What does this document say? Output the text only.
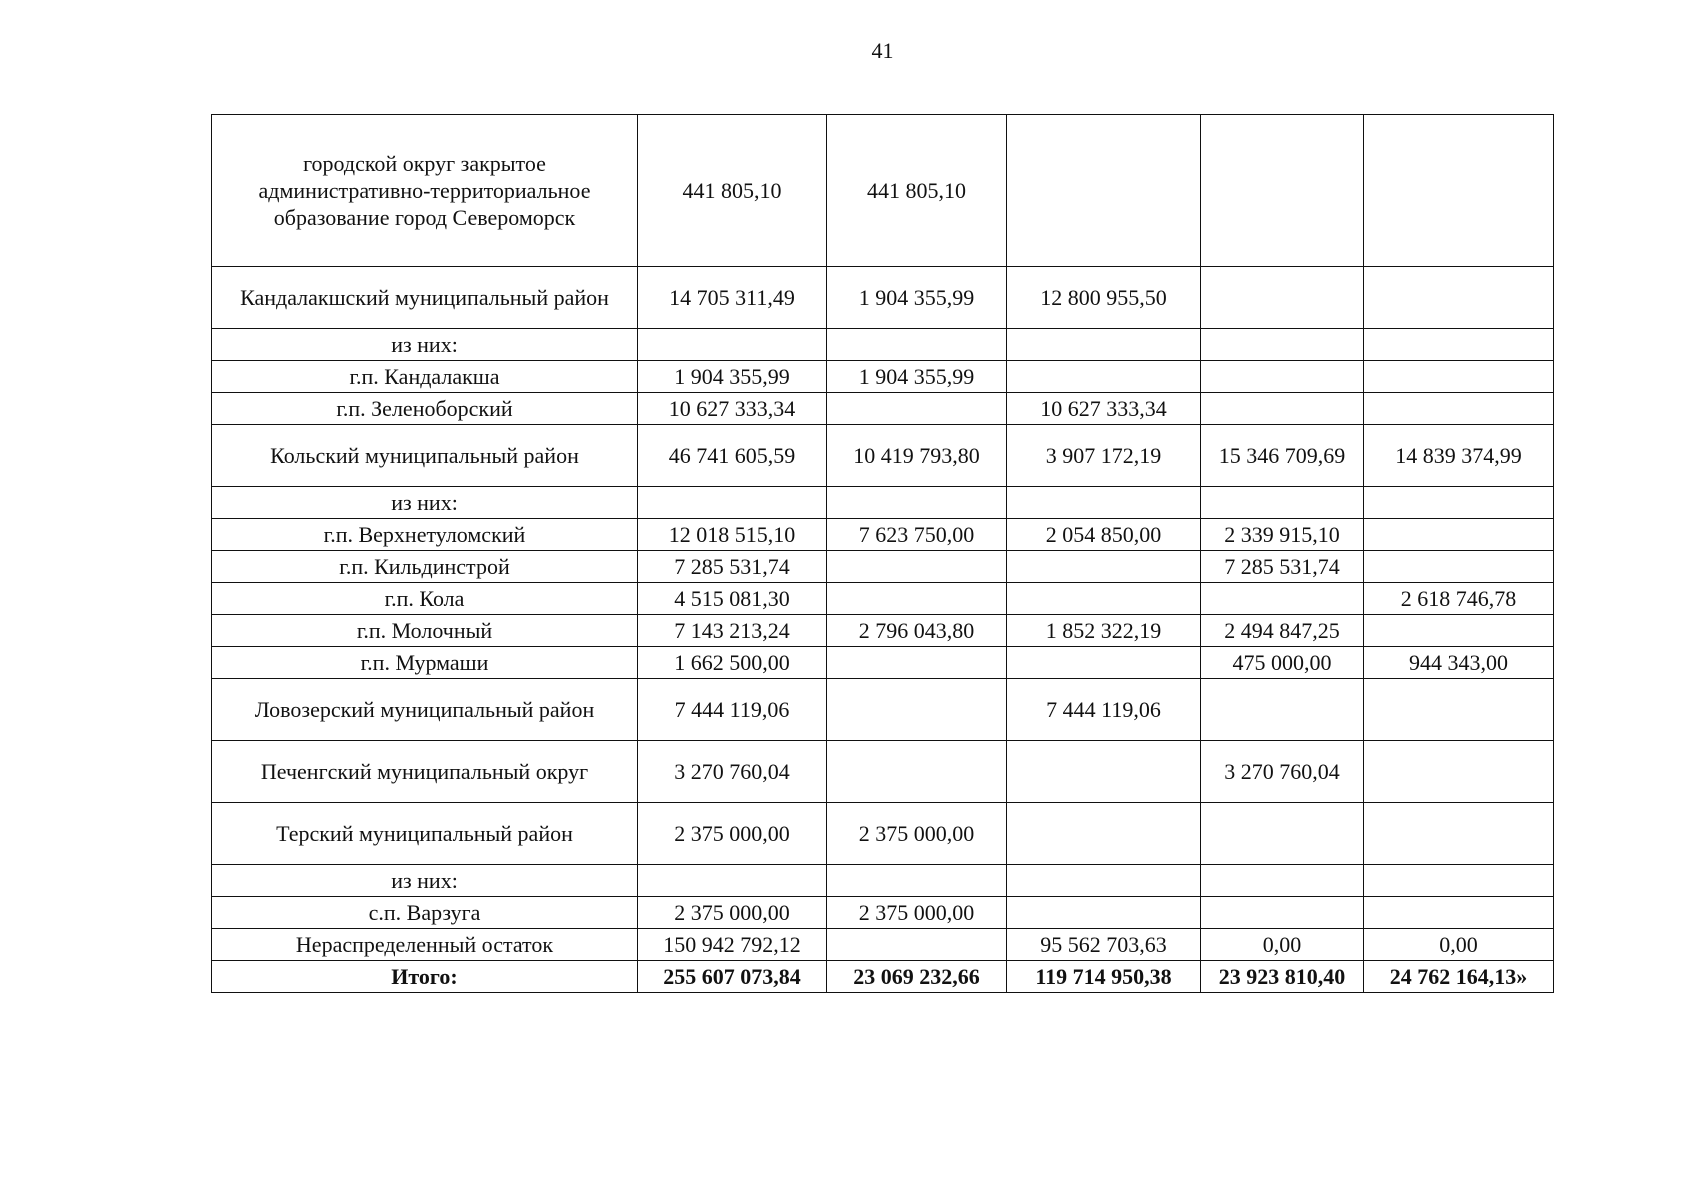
41
городской округ закрытое административно-территориальное образование город Североморск	441 805,10	441 805,10			
Кандалакшский муниципальный район	14 705 311,49	1 904 355,99	12 800 955,50		
из них:					
г.п. Кандалакша	1 904 355,99	1 904 355,99			
г.п. Зеленоборский	10 627 333,34		10 627 333,34		
Кольский муниципальный район	46 741 605,59	10 419 793,80	3 907 172,19	15 346 709,69	14 839 374,99
из них:					
г.п. Верхнетуломский	12 018 515,10	7 623 750,00	2 054 850,00	2 339 915,10	
г.п. Кильдинстрой	7 285 531,74			7 285 531,74	
г.п. Кола	4 515 081,30				2 618 746,78
г.п. Молочный	7 143 213,24	2 796 043,80	1 852 322,19	2 494 847,25	
г.п. Мурмаши	1 662 500,00			475 000,00	944 343,00
Ловозерский муниципальный район	7 444 119,06		7 444 119,06		
Печенгский муниципальный округ	3 270 760,04			3 270 760,04	
Терский муниципальный район	2 375 000,00	2 375 000,00			
из них:					
с.п. Варзуга	2 375 000,00	2 375 000,00			
Нераспределенный остаток	150 942 792,12		95 562 703,63	0,00	0,00
Итого:	255 607 073,84	23 069 232,66	119 714 950,38	23 923 810,40	24 762 164,13»
